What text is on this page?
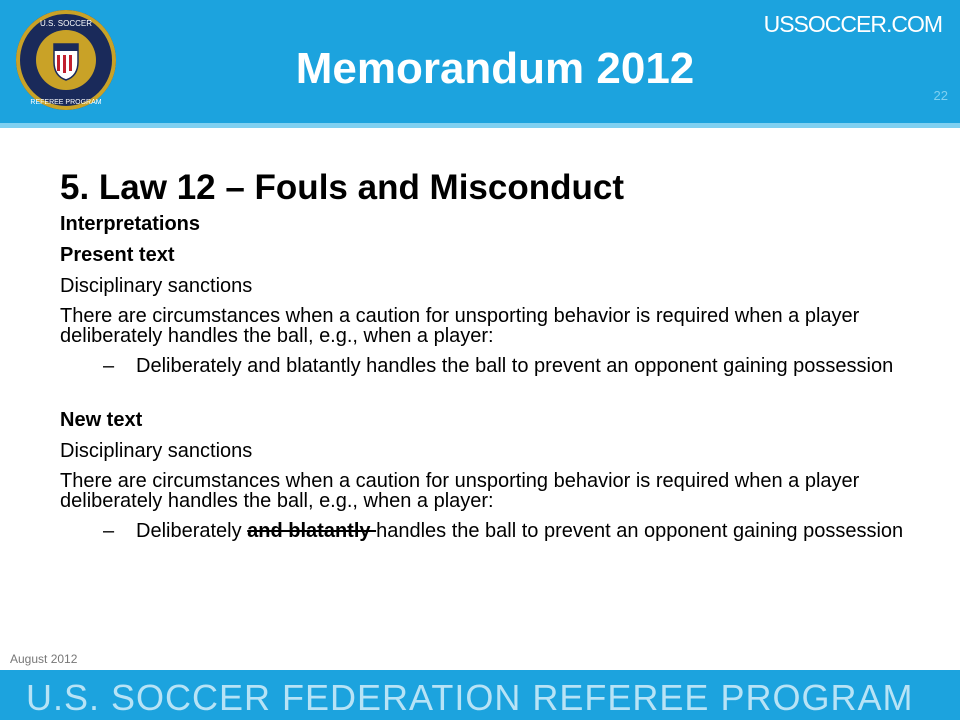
U.S. SOCCER
REFEREE PROGRAM
USSOCCER.COM
Memorandum 2012
22
5. Law 12 – Fouls and Misconduct
Interpretations
Present text
Disciplinary sanctions
There are circumstances when a caution for unsporting behavior is required when a player deliberately handles the ball, e.g., when a player:
– Deliberately and blatantly handles the ball to prevent an opponent gaining possession
New text
Disciplinary sanctions
There are circumstances when a caution for unsporting behavior is required when a player deliberately handles the ball, e.g., when a player:
– Deliberately and blatantly handles the ball to prevent an opponent gaining possession
August 2012
U.S. SOCCER FEDERATION REFEREE PROGRAM
